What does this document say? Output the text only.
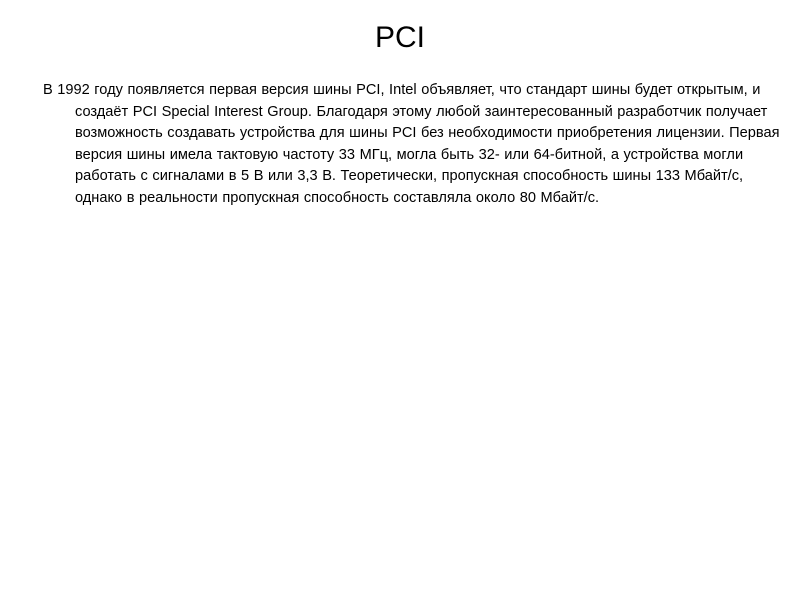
PCI

В 1992 году появляется первая версия шины PCI, Intel объявляет, что стандарт шины будет открытым, и создаёт PCI Special Interest Group. Благодаря этому любой заинтересованный разработчик получает возможность создавать устройства для шины PCI без необходимости приобретения лицензии. Первая версия шины имела тактовую частоту 33 МГц, могла быть 32- или 64-битной, а устройства могли работать с сигналами в 5 В или 3,3 В. Теоретически, пропускная способность шины 133 Мбайт/с, однако в реальности пропускная способность составляла около 80 Мбайт/с.
